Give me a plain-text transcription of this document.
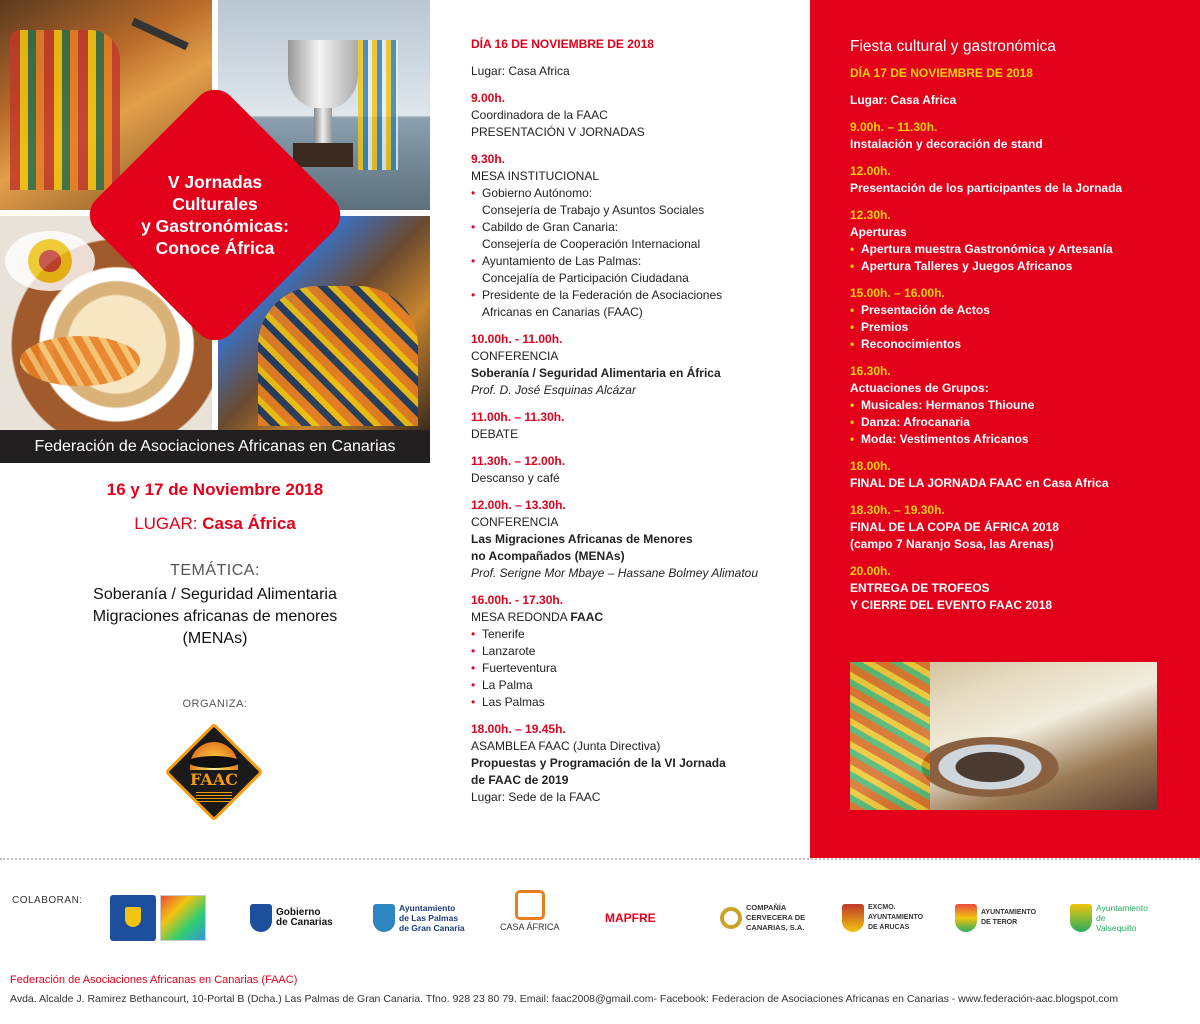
V Jornadas
Culturales
y Gastronómicas:
Conoce África
Federación de Asociaciones Africanas en Canarias
16 y 17 de Noviembre 2018
LUGAR: Casa África
TEMÁTICA:
Soberanía / Seguridad Alimentaria
Migraciones africanas de menores
(MENAs)
ORGANIZA:
FAAC
DÍA 16 DE NOVIEMBRE DE 2018
Lugar: Casa Africa
9.00h.
Coordinadora de la FAAC
PRESENTACIÓN V JORNADAS
9.30h.
MESA INSTITUCIONAL
• Gobierno Autónomo:
Consejería de Trabajo y Asuntos Sociales
• Cabildo de Gran Canaria:
Consejería de Cooperación Internacional
• Ayuntamiento de Las Palmas:
Concejalía de Participación Ciudadana
• Presidente de la Federación de Asociaciones
Africanas en Canarias (FAAC)
10.00h. - 11.00h.
CONFERENCIA
Soberanía / Seguridad Alimentaria en África
Prof. D. José Esquinas Alcázar
11.00h. – 11.30h.
DEBATE
11.30h. – 12.00h.
Descanso y café
12.00h. – 13.30h.
CONFERENCIA
Las Migraciones Africanas de Menores
no Acompañados (MENAs)
Prof. Serigne Mor Mbaye – Hassane Bolmey Alimatou
16.00h. - 17.30h.
MESA REDONDA FAAC
• Tenerife
• Lanzarote
• Fuerteventura
• La Palma
• Las Palmas
18.00h. – 19.45h.
ASAMBLEA FAAC (Junta Directiva)
Propuestas y Programación de la VI Jornada
de FAAC de 2019
Lugar: Sede de la FAAC
Fiesta cultural y gastronómica
DÍA 17 DE NOVIEMBRE DE 2018
Lugar: Casa Africa
9.00h. – 11.30h.
Instalación y decoración de stand
12.00h.
Presentación de los participantes de la Jornada
12.30h.
Aperturas
• Apertura muestra Gastronómica y Artesanía
• Apertura Talleres y Juegos Africanos
15.00h. – 16.00h.
• Presentación de Actos
• Premios
• Reconocimientos
16.30h.
Actuaciones de Grupos:
• Musicales: Hermanos Thioune
• Danza: Afrocanaria
• Moda: Vestimentos Africanos
18.00h.
FINAL DE LA JORNADA FAAC en Casa Africa
18.30h. – 19.30h.
FINAL DE LA COPA DE ÁFRICA 2018
(campo 7 Naranjo Sosa, las Arenas)
20.00h.
ENTREGA DE TROFEOS
Y CIERRE DEL EVENTO FAAC 2018
COLABORAN:
Gobierno
de Canarias
Ayuntamiento
de Las Palmas
de Gran Canaria	CASA ÁFRICA
MAPFRE
COMPAÑÍA
CERVECERA DE
CANARIAS, S.A.
EXCMO.
AYUNTAMIENTO
DE ARUCAS
AYUNTAMIENTO
DE TEROR
Ayuntamiento
de
Valsequillo
Federación de Asociaciones Africanas en Canarias (FAAC)
Avda. Alcalde J. Ramirez Bethancourt, 10-Portal B (Dcha.) Las Palmas de Gran Canaria. Tfno. 928 23 80 79. Email: faac2008@gmail.com- Facebook: Federacion de Asociaciones Africanas en Canarias - www.federación-aac.blogspot.com
